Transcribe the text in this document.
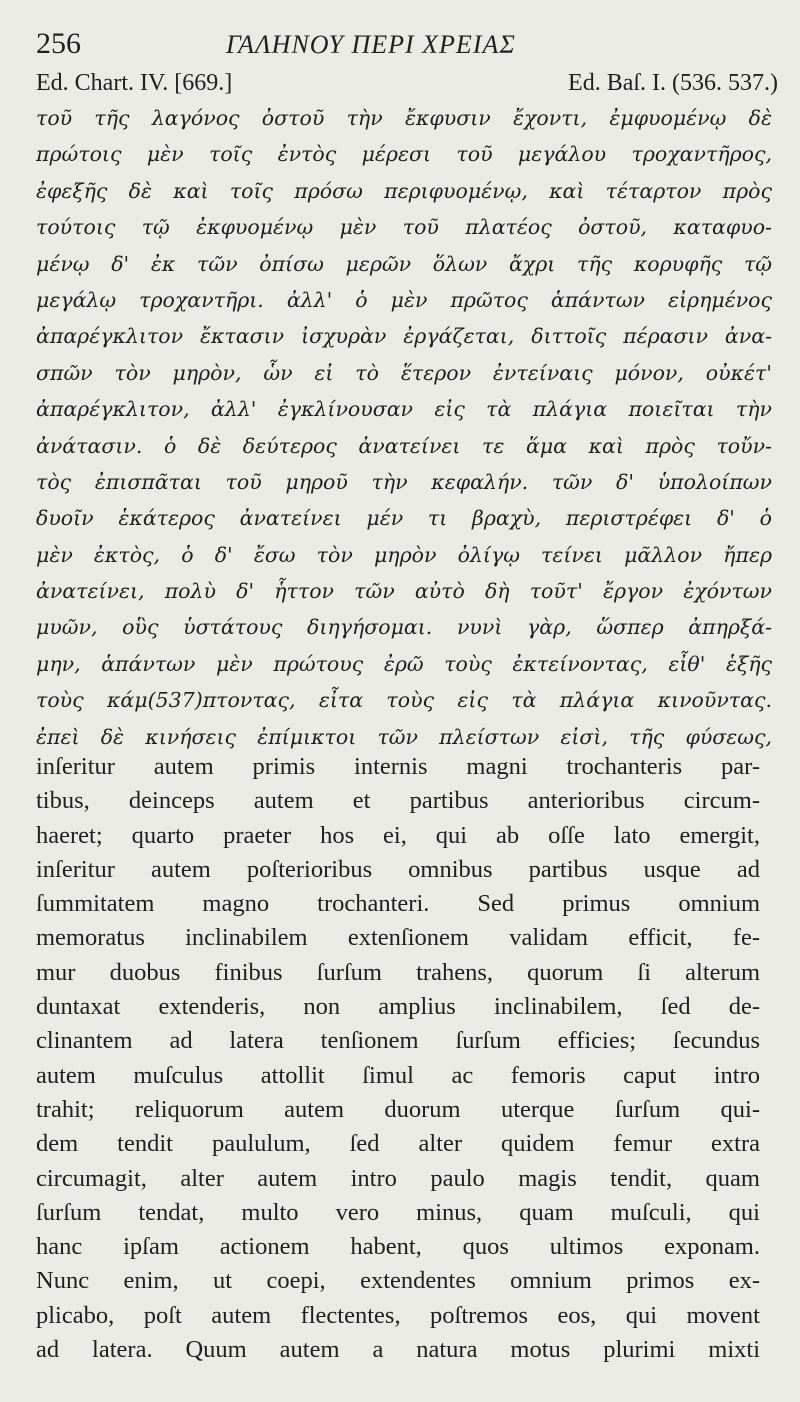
256	ΓΑΛΗΝΟΥ ΠΕΡΙ ΧΡΕΙΑΣ
Ed. Chart. IV. [669.]	Ed. Baſ. I. (536. 537.)
τοῦ τῆς λαγόνος ὀστοῦ τὴν ἔκφυσιν ἔχοντι, ἐμφυομένῳ δὲ
πρώτοις μὲν τοῖς ἐντὸς μέρεσι τοῦ μεγάλου τροχαντῆρος,
ἐφεξῆς δὲ καὶ τοῖς πρόσω περιφυομένῳ, καὶ τέταρτον πρὸς
τούτοις τῷ ἐκφυομένῳ μὲν τοῦ πλατέος ὀστοῦ, καταφυο-
μένῳ δ' ἐκ τῶν ὀπίσω μερῶν ὅλων ἄχρι τῆς κορυφῆς τῷ
μεγάλῳ τροχαντῆρι. ἀλλ' ὁ μὲν πρῶτος ἁπάντων εἰρημένος
ἀπαρέγκλιτον ἔκτασιν ἰσχυρὰν ἐργάζεται, διττοῖς πέρασιν ἀνα-
σπῶν τὸν μηρὸν, ὧν εἰ τὸ ἕτερον ἐντείναις μόνον, οὐκέτ'
ἀπαρέγκλιτον, ἀλλ' ἐγκλίνουσαν εἰς τὰ πλάγια ποιεῖται τὴν
ἀνάτασιν. ὁ δὲ δεύτερος ἀνατείνει τε ἅμα καὶ πρὸς τοὔν-
τὸς ἐπισπᾶται τοῦ μηροῦ τὴν κεφαλήν. τῶν δ' ὑπολοίπων
δυοῖν ἑκάτερος ἀνατείνει μέν τι βραχὺ, περιστρέφει δ' ὁ
μὲν ἐκτὸς, ὁ δ' ἔσω τὸν μηρὸν ὀλίγῳ τείνει μᾶλλον ἤπερ
ἀνατείνει, πολὺ δ' ἧττον τῶν αὐτὸ δὴ τοῦτ' ἔργον ἐχόντων
μυῶν, οὓς ὑστάτους διηγήσομαι. νυνὶ γὰρ, ὥσπερ ἀπηρξά-
μην, ἁπάντων μὲν πρώτους ἐρῶ τοὺς ἐκτείνοντας, εἶθ' ἑξῆς
τοὺς κάμ(537)πτοντας, εἶτα τοὺς εἰς τὰ πλάγια κινοῦντας.
ἐπεὶ δὲ κινήσεις ἐπίμικτοι τῶν πλείστων εἰσὶ, τῆς φύσεως,
inſeritur autem primis internis magni trochanteris par-
tibus, deinceps autem et partibus anterioribus circum-
haeret; quarto praeter hos ei, qui ab oſſe lato emergit,
inſeritur autem poſterioribus omnibus partibus usque ad
ſummitatem magno trochanteri. Sed primus omnium
memoratus inclinabilem extenſionem validam efficit, fe-
mur duobus finibus ſurſum trahens, quorum ſi alterum
duntaxat extenderis, non amplius inclinabilem, ſed de-
clinantem ad latera tenſionem ſurſum efficies; ſecundus
autem muſculus attollit ſimul ac femoris caput intro
trahit; reliquorum autem duorum uterque ſurſum qui-
dem tendit paululum, ſed alter quidem femur extra
circumagit, alter autem intro paulo magis tendit, quam
ſurſum tendat, multo vero minus, quam muſculi, qui
hanc ipſam actionem habent, quos ultimos exponam.
Nunc enim, ut coepi, extendentes omnium primos ex-
plicabo, poſt autem flectentes, poſtremos eos, qui movent
ad latera. Quum autem a natura motus plurimi mixti
